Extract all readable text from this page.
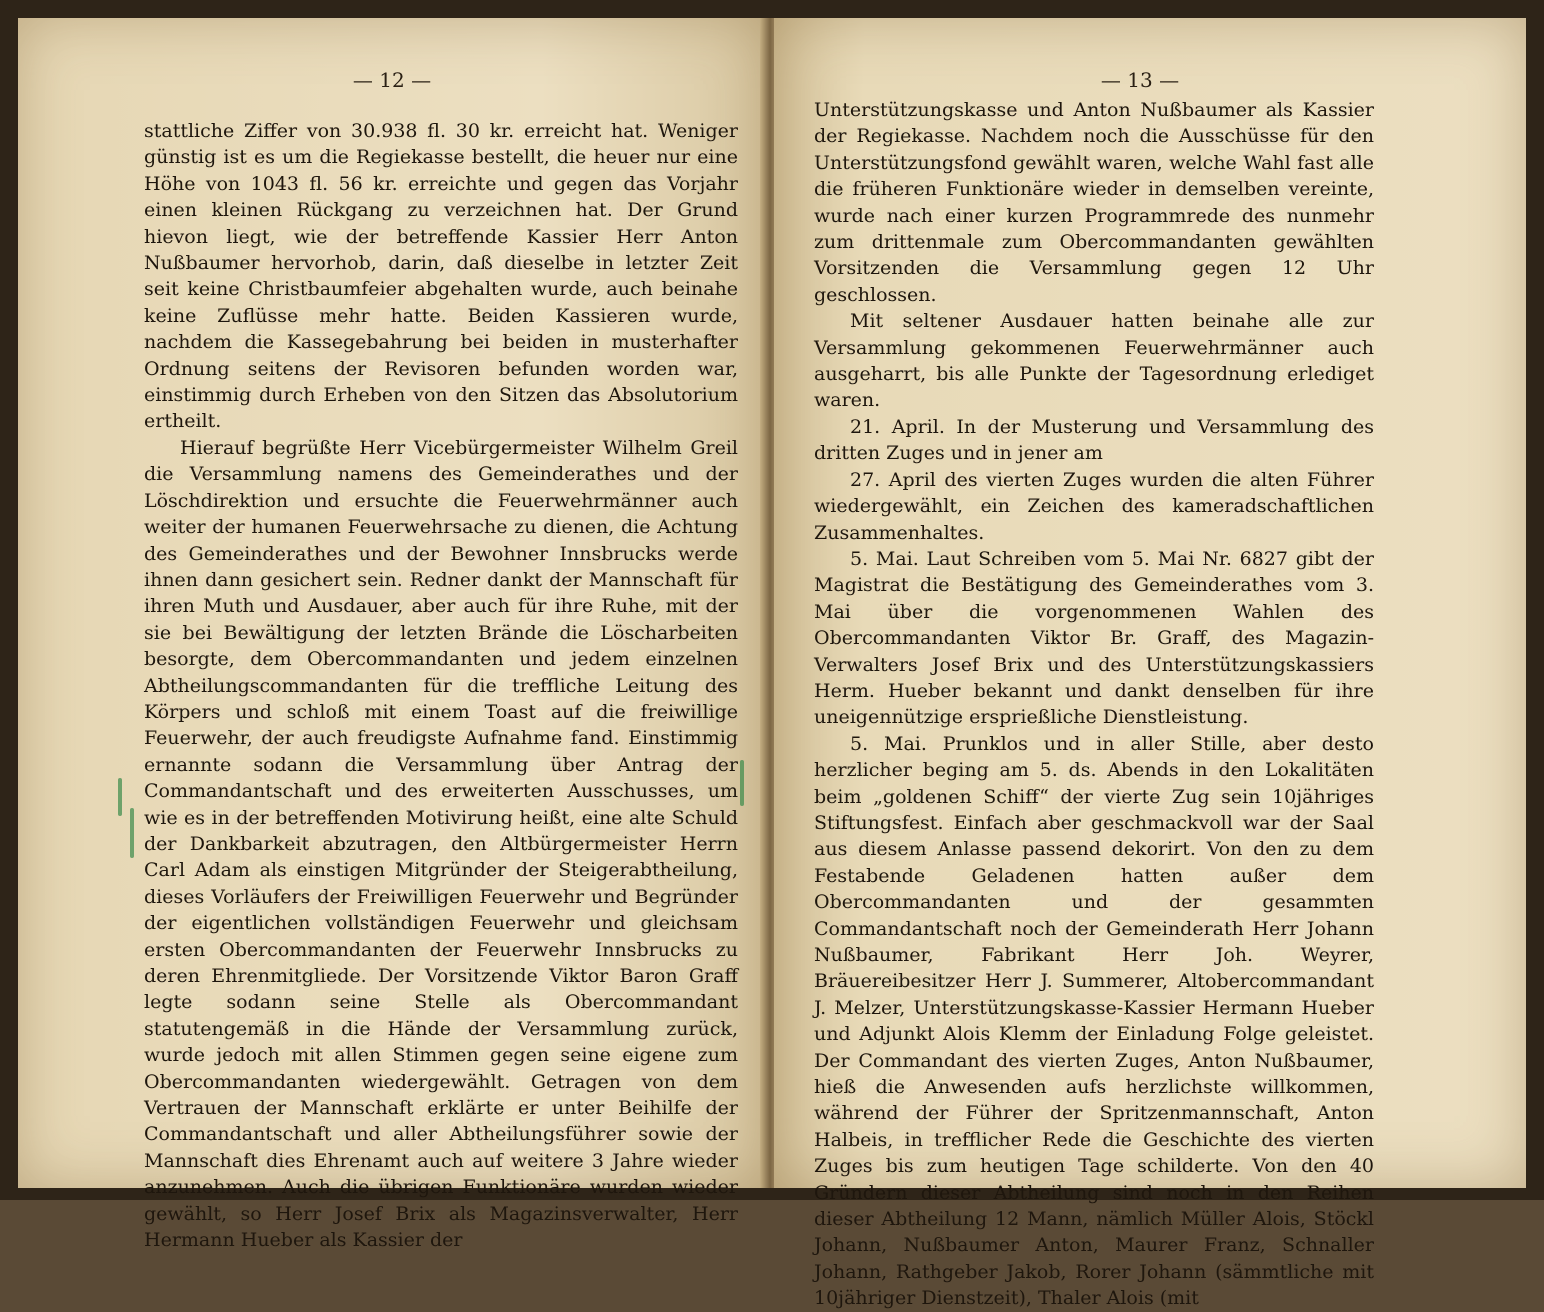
— 12 —

stattliche Ziffer von 30.938 fl. 30 kr. erreicht hat. Weniger günstig ist es um die Regiekasse bestellt, die heuer nur eine Höhe von 1043 fl. 56 kr. erreichte und gegen das Vorjahr einen kleinen Rückgang zu verzeichnen hat. Der Grund hievon liegt, wie der betreffende Kassier Herr Anton Nußbaumer hervorhob, darin, daß dieselbe in letzter Zeit seit keine Christbaumfeier abgehalten wurde, auch beinahe keine Zuflüsse mehr hatte. Beiden Kassieren wurde, nachdem die Kassegebahrung bei beiden in musterhafter Ordnung seitens der Revisoren befunden worden war, einstimmig durch Erheben von den Sitzen das Absolutorium ertheilt.

Hierauf begrüßte Herr Vicebürgermeister Wilhelm Greil die Versammlung namens des Gemeinderathes und der Löschdirektion und ersuchte die Feuerwehrmänner auch weiter der humanen Feuerwehrsache zu dienen, die Achtung des Gemeinderathes und der Bewohner Innsbrucks werde ihnen dann gesichert sein. Redner dankt der Mannschaft für ihren Muth und Ausdauer, aber auch für ihre Ruhe, mit der sie bei Bewältigung der letzten Brände die Löscharbeiten besorgte, dem Obercommandanten und jedem einzelnen Abtheilungscommandanten für die treffliche Leitung des Körpers und schloß mit einem Toast auf die freiwillige Feuerwehr, der auch freudigste Aufnahme fand. Einstimmig ernannte sodann die Versammlung über Antrag der Commandantschaft und des erweiterten Ausschusses, um wie es in der betreffenden Motivirung heißt, eine alte Schuld der Dankbarkeit abzutragen, den Altbürgermeister Herrn Carl Adam als einstigen Mitgründer der Steigerabtheilung, dieses Vorläufers der Freiwilligen Feuerwehr und Begründer der eigentlichen vollständigen Feuerwehr und gleichsam ersten Obercommandanten der Feuerwehr Innsbrucks zu deren Ehrenmitgliede. Der Vorsitzende Viktor Baron Graff legte sodann seine Stelle als Obercommandant statutengemäß in die Hände der Versammlung zurück, wurde jedoch mit allen Stimmen gegen seine eigene zum Obercommandanten wiedergewählt. Getragen von dem Vertrauen der Mannschaft erklärte er unter Beihilfe der Commandantschaft und aller Abtheilungsführer sowie der Mannschaft dies Ehrenamt auch auf weitere 3 Jahre wieder anzunehmen. Auch die übrigen Funktionäre wurden wieder gewählt, so Herr Josef Brix als Magazinsverwalter, Herr Hermann Hueber als Kassier der

— 13 —

Unterstützungskasse und Anton Nußbaumer als Kassier der Regiekasse. Nachdem noch die Ausschüsse für den Unterstützungsfond gewählt waren, welche Wahl fast alle die früheren Funktionäre wieder in demselben vereinte, wurde nach einer kurzen Programmrede des nunmehr zum drittenmale zum Obercommandanten gewählten Vorsitzenden die Versammlung gegen 12 Uhr geschlossen.

Mit seltener Ausdauer hatten beinahe alle zur Versammlung gekommenen Feuerwehrmänner auch ausgeharrt, bis alle Punkte der Tagesordnung erlediget waren.

21. April. In der Musterung und Versammlung des dritten Zuges und in jener am

27. April des vierten Zuges wurden die alten Führer wiedergewählt, ein Zeichen des kameradschaftlichen Zusammenhaltes.

5. Mai. Laut Schreiben vom 5. Mai Nr. 6827 gibt der Magistrat die Bestätigung des Gemeinderathes vom 3. Mai über die vorgenommenen Wahlen des Obercommandanten Viktor Br. Graff, des Magazin-Verwalters Josef Brix und des Unterstützungskassiers Herm. Hueber bekannt und dankt denselben für ihre uneigennützige ersprießliche Dienstleistung.

5. Mai. Prunklos und in aller Stille, aber desto herzlicher beging am 5. ds. Abends in den Lokalitäten beim „goldenen Schiff“ der vierte Zug sein 10jähriges Stiftungsfest. Einfach aber geschmackvoll war der Saal aus diesem Anlasse passend dekorirt. Von den zu dem Festabende Geladenen hatten außer dem Obercommandanten und der gesammten Commandantschaft noch der Gemeinderath Herr Johann Nußbaumer, Fabrikant Herr Joh. Weyrer, Bräuereibesitzer Herr J. Summerer, Altobercommandant J. Melzer, Unterstützungskasse-Kassier Hermann Hueber und Adjunkt Alois Klemm der Einladung Folge geleistet. Der Commandant des vierten Zuges, Anton Nußbaumer, hieß die Anwesenden aufs herzlichste willkommen, während der Führer der Spritzenmannschaft, Anton Halbeis, in trefflicher Rede die Geschichte des vierten Zuges bis zum heutigen Tage schilderte. Von den 40 Gründern dieser Abtheilung sind noch in den Reihen dieser Abtheilung 12 Mann, nämlich Müller Alois, Stöckl Johann, Nußbaumer Anton, Maurer Franz, Schnaller Johann, Rathgeber Jakob, Rorer Johann (sämmtliche mit 10jähriger Dienstzeit), Thaler Alois (mit
